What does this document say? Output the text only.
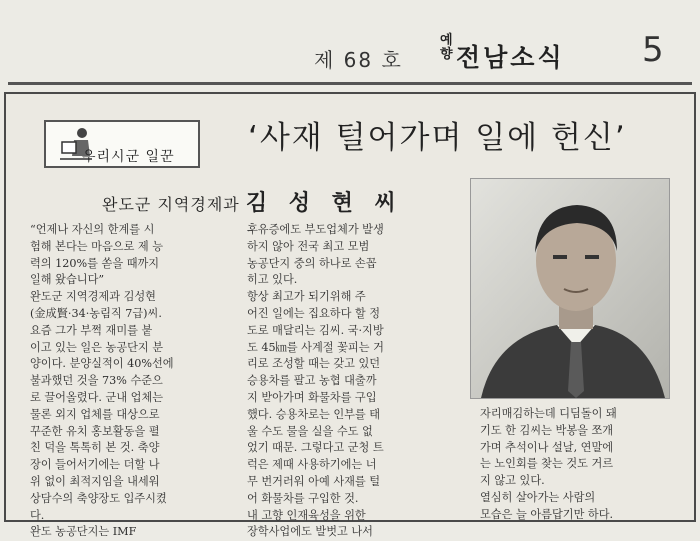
제 68 호
예
향 전남소식 5
우리시군 일꾼
‘사재 털어가며 일에 헌신’
완도군 지역경제과 김 성 현 씨
“언제나 자신의 한계를 시
험해 본다는 마음으로 제 능
력의 120%를 쏟을 때까지
일해 왔습니다”
완도군 지역경제과 김성현
(金成賢·34·농림직 7급)씨.
요즘 그가 부쩍 재미를 붙
이고 있는 일은 농공단지 분
양이다. 분양실적이 40%선에
불과했던 것을 73% 수준으
로 끌어올렸다. 군내 업체는
물론 외지 업체를 대상으로
꾸준한 유치 홍보활동을 펼
친 덕을 톡톡히 본 것. 축양
장이 들어서기에는 더할 나
위 없이 최적지임을 내세워
상담수의 축양장도 입주시켰
다.
완도 농공단지는 IMF
후유증에도 부도업체가 발생
하지 않아 전국 최고 모범
농공단지 중의 하나로 손꼽
히고 있다.
항상 최고가 되기위해 주
어진 일에는 집요하다 할 정
도로 매달리는 김씨. 국·지방
도 45㎞를 사계절 꽃피는 거
리로 조성할 때는 갖고 있던
승용차를 팔고 농협 대출까
지 받아가며 화물차를 구입
했다. 승용차로는 인부를 태
울 수도 물을 실을 수도 없
었기 때문. 그렇다고 군청 트
럭은 제때 사용하기에는 너
무 번거러워 아예 사재를 털
어 화물차를 구입한 것.
내 고향 인재육성을 위한
장학사업에도 발벗고 나서
자리매김하는데 디딤돌이 돼
기도 한 김씨는 박봉을 쪼개
가며 추석이나 설날, 연말에
는 노인회를 찾는 것도 거르
지 않고 있다.
열심히 살아가는 사람의
모습은 늘 아름답기만 하다.
